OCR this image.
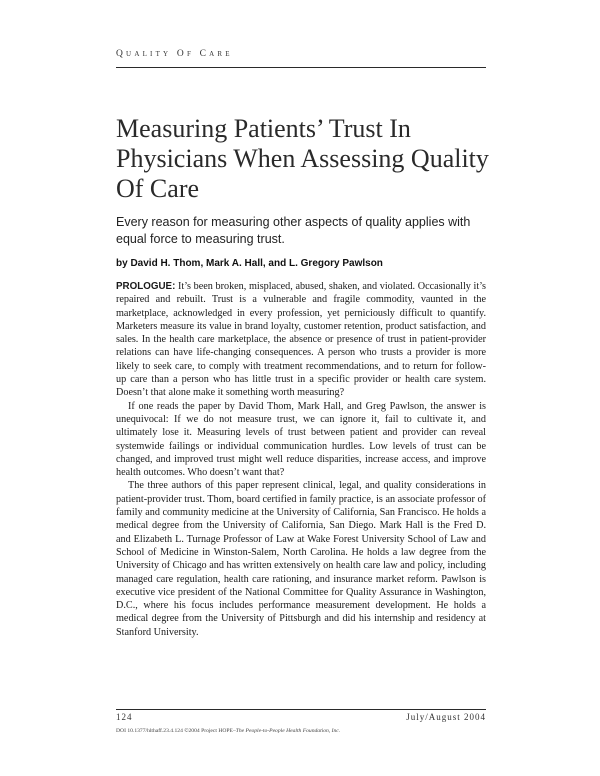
Quality Of Care
Measuring Patients’ Trust In Physicians When Assessing Quality Of Care

Every reason for measuring other aspects of quality applies with equal force to measuring trust.

by David H. Thom, Mark A. Hall, and L. Gregory Pawlson

PROLOGUE: It’s been broken, misplaced, abused, shaken, and violated. Occasionally it’s repaired and rebuilt. Trust is a vulnerable and fragile commodity, vaunted in the marketplace, acknowledged in every profession, yet perniciously difficult to quantify. Marketers measure its value in brand loyalty, customer retention, product satisfaction, and sales. In the health care marketplace, the absence or presence of trust in patient-provider relations can have life-changing consequences. A person who trusts a provider is more likely to seek care, to comply with treatment recommendations, and to return for follow-up care than a person who has little trust in a specific provider or health care system. Doesn’t that alone make it something worth measuring?

If one reads the paper by David Thom, Mark Hall, and Greg Pawlson, the answer is unequivocal: If we do not measure trust, we can ignore it, fail to cultivate it, and ultimately lose it. Measuring levels of trust between patient and provider can reveal systemwide failings or individual communication hurdles. Low levels of trust can be changed, and improved trust might well reduce disparities, increase access, and improve health outcomes. Who doesn’t want that?

The three authors of this paper represent clinical, legal, and quality considerations in patient-provider trust. Thom, board certified in family practice, is an associate professor of family and community medicine at the University of California, San Francisco. He holds a medical degree from the University of California, San Diego. Mark Hall is the Fred D. and Elizabeth L. Turnage Professor of Law at Wake Forest University School of Law and School of Medicine in Winston-Salem, North Carolina. He holds a law degree from the University of Chicago and has written extensively on health care law and policy, including managed care regulation, health care rationing, and insurance market reform. Pawlson is executive vice president of the National Committee for Quality Assurance in Washington, D.C., where his focus includes performance measurement development. He holds a medical degree from the University of Pittsburgh and did his internship and residency at Stanford University.

124	July/August 2004
DOI 10.1377/hlthaff.23.4.124 ©2004 Project HOPE–The People-to-People Health Foundation, Inc.
